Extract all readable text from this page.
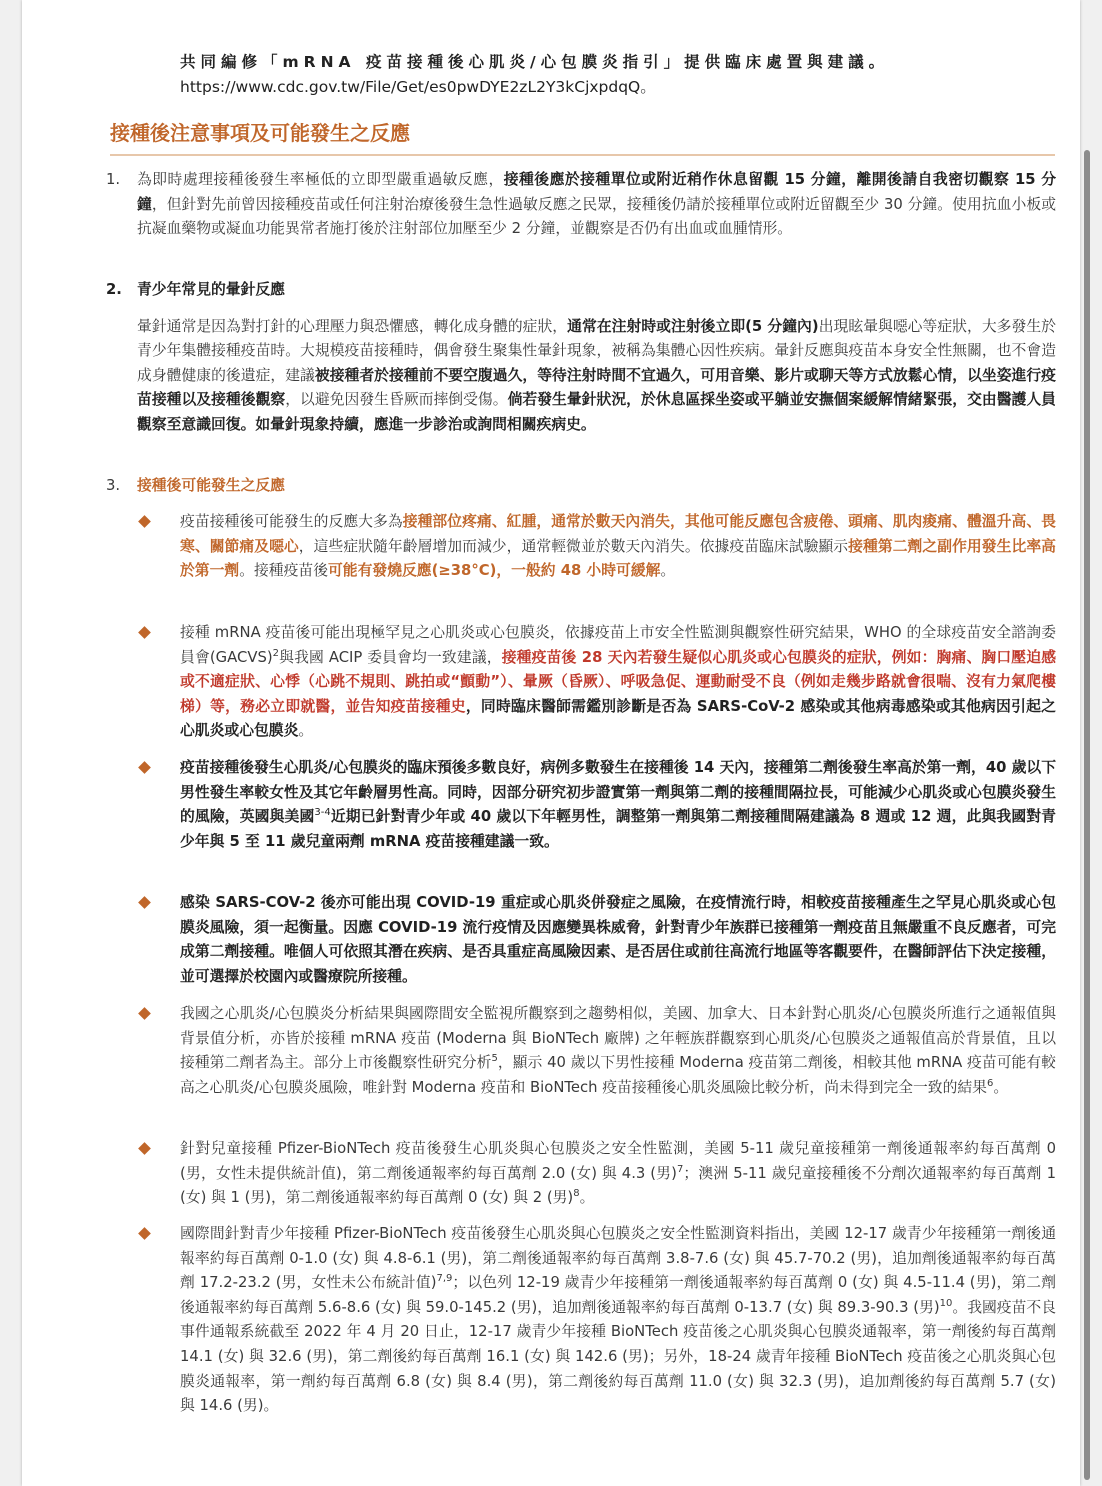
共同編修「mRNA 疫苗接種後心肌炎/心包膜炎指引」提供臨床處置與建議。
https://www.cdc.gov.tw/File/Get/es0pwDYE2zL2Y3kCjxpdqQ。
接種後注意事項及可能發生之反應
1. 為即時處理接種後發生率極低的立即型嚴重過敏反應，接種後應於接種單位或附近稍作休息留觀 15 分鐘，離開後請自我密切觀察 15 分鐘，但針對先前曾因接種疫苗或任何注射治療後發生急性過敏反應之民眾，接種後仍請於接種單位或附近留觀至少 30 分鐘。使用抗血小板或抗凝血藥物或凝血功能異常者施打後於注射部位加壓至少 2 分鐘，並觀察是否仍有出血或血腫情形。
2. 青少年常見的暈針反應
暈針通常是因為對打針的心理壓力與恐懼感，轉化成身體的症狀，通常在注射時或注射後立即(5 分鐘內)出現眩暈與噁心等症狀，大多發生於青少年集體接種疫苗時。大規模疫苗接種時，偶會發生聚集性暈針現象，被稱為集體心因性疾病。暈針反應與疫苗本身安全性無關，也不會造成身體健康的後遺症，建議被接種者於接種前不要空腹過久，等待注射時間不宜過久，可用音樂、影片或聊天等方式放鬆心情，以坐姿進行疫苗接種以及接種後觀察，以避免因發生昏厥而摔倒受傷。倘若發生暈針狀況，於休息區採坐姿或平躺並安撫個案緩解情緒緊張，交由醫護人員觀察至意識回復。如暈針現象持續，應進一步診治或詢問相關疾病史。
3. 接種後可能發生之反應
疫苗接種後可能發生的反應大多為接種部位疼痛、紅腫，通常於數天內消失，其他可能反應包含疲倦、頭痛、肌肉痠痛、體溫升高、畏寒、關節痛及噁心，這些症狀隨年齡層增加而減少，通常輕微並於數天內消失。依據疫苗臨床試驗顯示接種第二劑之副作用發生比率高於第一劑。接種疫苗後可能有發燒反應(≥38°C)，一般約 48 小時可緩解。
接種 mRNA 疫苗後可能出現極罕見之心肌炎或心包膜炎，依據疫苗上市安全性監測與觀察性研究結果，WHO 的全球疫苗安全諮詢委員會(GACVS)$^2$與我國 ACIP 委員會均一致建議，接種疫苗後 28 天內若發生疑似心肌炎或心包膜炎的症狀，例如：胸痛、胸口壓迫感或不適症狀、心悸（心跳不規則、跳拍或“顫動”）、暈厥（昏厥）、呼吸急促、運動耐受不良（例如走幾步路就會很喘、沒有力氣爬樓梯）等，務必立即就醫，並告知疫苗接種史，同時臨床醫師需鑑別診斷是否為 SARS-CoV-2 感染或其他病毒感染或其他病因引起之心肌炎或心包膜炎。
疫苗接種後發生心肌炎/心包膜炎的臨床預後多數良好，病例多數發生在接種後 14 天內，接種第二劑後發生率高於第一劑，40 歲以下男性發生率較女性及其它年齡層男性高。同時，因部分研究初步證實第一劑與第二劑的接種間隔拉長，可能減少心肌炎或心包膜炎發生的風險，英國與美國$^{3-4}$近期已針對青少年或 40 歲以下年輕男性，調整第一劑與第二劑接種間隔建議為 8 週或 12 週，此與我國對青少年與 5 至 11 歲兒童兩劑 mRNA 疫苗接種建議一致。
感染 SARS-COV-2 後亦可能出現 COVID-19 重症或心肌炎併發症之風險，在疫情流行時，相較疫苗接種產生之罕見心肌炎或心包膜炎風險，須一起衡量。因應 COVID-19 流行疫情及因應變異株威脅，針對青少年族群已接種第一劑疫苗且無嚴重不良反應者，可完成第二劑接種。唯個人可依照其潛在疾病、是否具重症高風險因素、是否居住或前往高流行地區等客觀要件，在醫師評估下決定接種，並可選擇於校園內或醫療院所接種。
我國之心肌炎/心包膜炎分析結果與國際間安全監視所觀察到之趨勢相似，美國、加拿大、日本針對心肌炎/心包膜炎所進行之通報值與背景值分析，亦皆於接種 mRNA 疫苗 (Moderna 與 BioNTech 廠牌) 之年輕族群觀察到心肌炎/心包膜炎之通報值高於背景值，且以接種第二劑者為主。部分上市後觀察性研究分析$^5$，顯示 40 歲以下男性接種 Moderna 疫苗第二劑後，相較其他 mRNA 疫苗可能有較高之心肌炎/心包膜炎風險，唯針對 Moderna 疫苗和 BioNTech 疫苗接種後心肌炎風險比較分析，尚未得到完全一致的結果$^6$。
針對兒童接種 Pfizer-BioNTech 疫苗後發生心肌炎與心包膜炎之安全性監測，美國 5-11 歲兒童接種第一劑後通報率約每百萬劑 0 (男，女性未提供統計值)，第二劑後通報率約每百萬劑 2.0 (女) 與 4.3 (男)$^7$；澳洲 5-11 歲兒童接種後不分劑次通報率約每百萬劑 1 (女) 與 1 (男)，第二劑後通報率約每百萬劑 0 (女) 與 2 (男)$^8$。
國際間針對青少年接種 Pfizer-BioNTech 疫苗後發生心肌炎與心包膜炎之安全性監測資料指出，美國 12-17 歲青少年接種第一劑後通報率約每百萬劑 0-1.0 (女) 與 4.8-6.1 (男)，第二劑後通報率約每百萬劑 3.8-7.6 (女) 與 45.7-70.2 (男)，追加劑後通報率約每百萬劑 17.2-23.2 (男，女性未公布統計值)$^{7,9}$；以色列 12-19 歲青少年接種第一劑後通報率約每百萬劑 0 (女) 與 4.5-11.4 (男)，第二劑後通報率約每百萬劑 5.6-8.6 (女) 與 59.0-145.2 (男)，追加劑後通報率約每百萬劑 0-13.7 (女) 與 89.3-90.3 (男)$^{10}$。我國疫苗不良事件通報系統截至 2022 年 4 月 20 日止，12-17 歲青少年接種 BioNTech 疫苗後之心肌炎與心包膜炎通報率，第一劑後約每百萬劑 14.1 (女) 與 32.6 (男)，第二劑後約每百萬劑 16.1 (女) 與 142.6 (男)；另外，18-24 歲青年接種 BioNTech 疫苗後之心肌炎與心包膜炎通報率，第一劑約每百萬劑 6.8 (女) 與 8.4 (男)，第二劑後約每百萬劑 11.0 (女) 與 32.3 (男)，追加劑後約每百萬劑 5.7 (女) 與 14.6 (男)。
